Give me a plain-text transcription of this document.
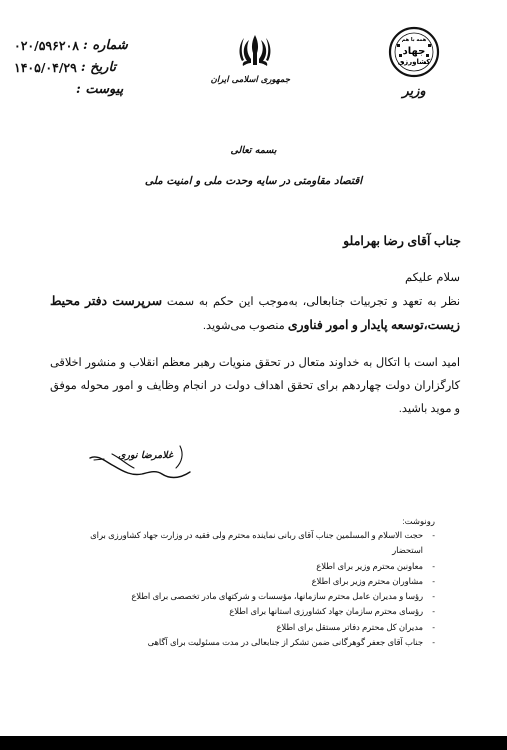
۰۲۰/۵۹۶۲۰۸ شماره :
۱۴۰۵/۰۴/۲۹ تاریخ :
پیوست :
جمهوری اسلامی ایران
همه با هم
جهاد
کشاورزی
وزیر
بسمه تعالی
اقتصاد مقاومتی در سایه وحدت ملی و امنیت ملی
جناب آقای رضا بهراملو
سلام علیکم
نظر به تعهد و تجربیات جنابعالی، به‌موجب این حکم به سمت سرپرست دفتر محیط زیست،توسعه پایدار و امور فناوری منصوب می‌شوید.
امید است با اتکال به خداوند متعال در تحقق منویات رهبر معظم انقلاب و منشور اخلاقی کارگزاران دولت چهاردهم برای تحقق اهداف دولت در انجام وظایف و امور محوله موفق و موید باشید.
غلامرضا نوری
رونوشت:
- حجت الاسلام و المسلمین جناب آقای ربانی نماینده محترم ولی فقیه در وزارت جهاد کشاورزی برای استحضار
- معاونین محترم وزیر برای اطلاع
- مشاوران محترم وزیر برای اطلاع
- رؤسا و مدیران عامل محترم سازمانها، مؤسسات و شرکتهای مادر تخصصی برای اطلاع
- رؤسای محترم سازمان جهاد کشاورزی استانها برای اطلاع
- مدیران کل محترم دفاتر مستقل برای اطلاع
- جناب آقای جعفر گوهرگانی ضمن تشکر از جنابعالی در مدت مسئولیت برای آگاهی
